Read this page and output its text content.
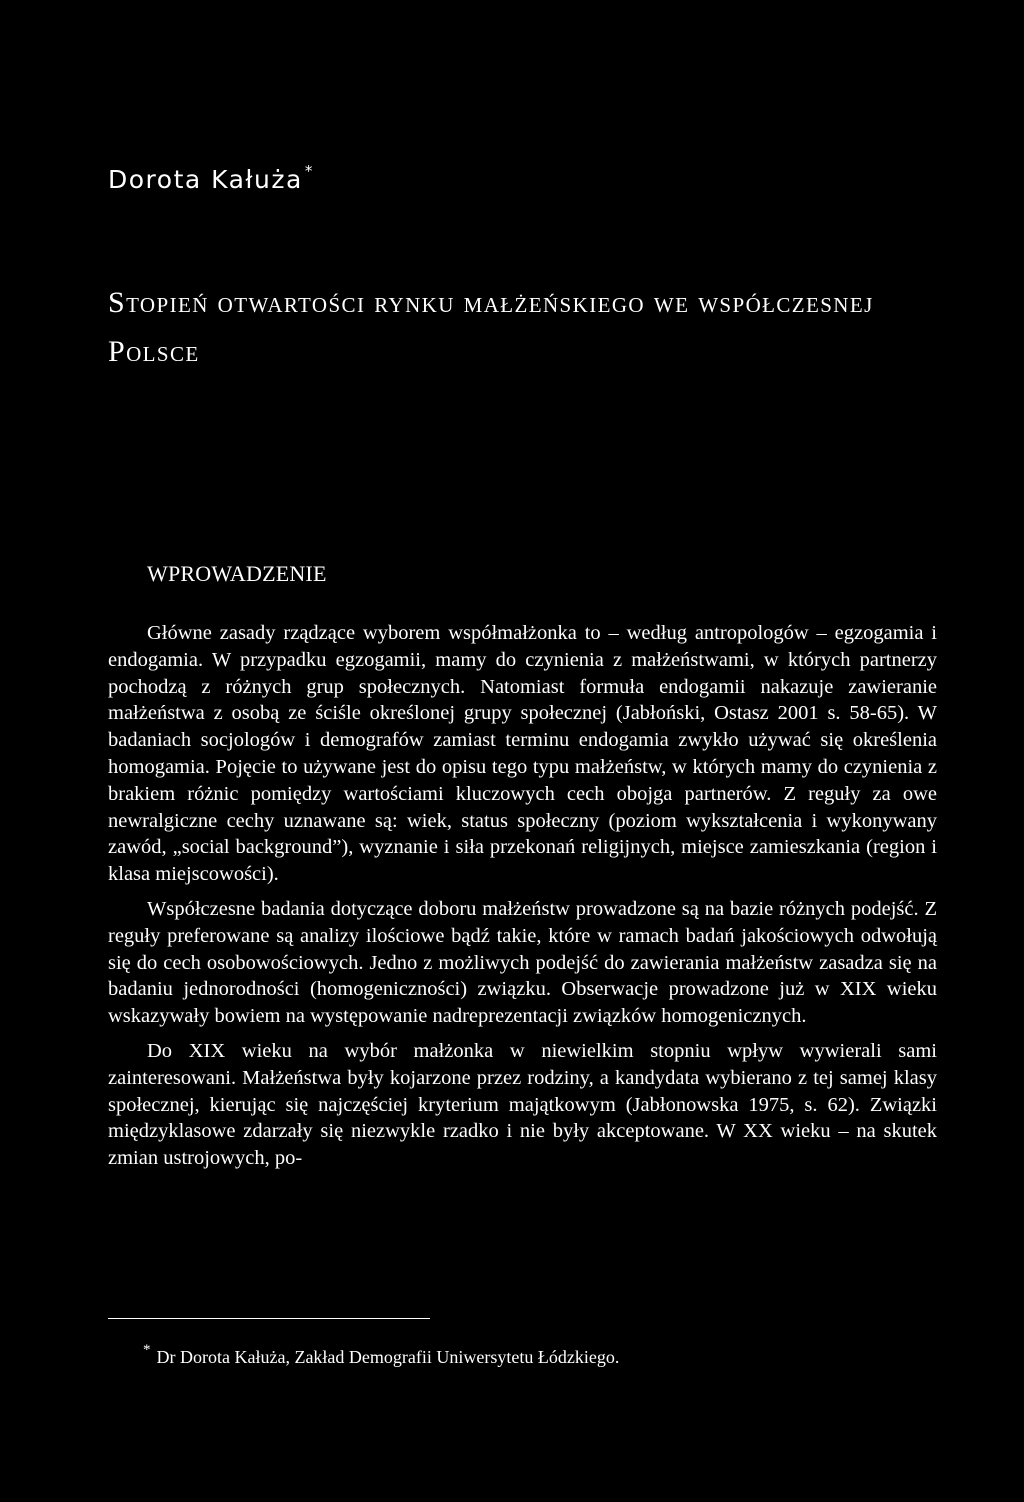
Dorota Kałuża *
Stopień otwartości rynku małżeńskiego we współczesnej Polsce
WPROWADZENIE

Główne zasady rządzące wyborem współmałżonka to – według antropologów – egzogamia i endogamia. W przypadku egzogamii, mamy do czynienia z małżeństwami, w których partnerzy pochodzą z różnych grup społecznych. Natomiast formuła endogamii nakazuje zawieranie małżeństwa z osobą ze ściśle określonej grupy społecznej (Jabłoński, Ostasz 2001 s. 58-65). W badaniach socjologów i demografów zamiast terminu endogamia zwykło używać się określenia homogamia. Pojęcie to używane jest do opisu tego typu małżeństw, w których mamy do czynienia z brakiem różnic pomiędzy wartościami kluczowych cech obojga partnerów. Z reguły za owe newralgiczne cechy uznawane są: wiek, status społeczny (poziom wykształcenia i wykonywany zawód, „social background”), wyznanie i siła przekonań religijnych, miejsce zamieszkania (region i klasa miejscowości).

Współczesne badania dotyczące doboru małżeństw prowadzone są na bazie różnych podejść. Z reguły preferowane są analizy ilościowe bądź takie, które w ramach badań jakościowych odwołują się do cech osobowościowych. Jedno z możliwych podejść do zawierania małżeństw zasadza się na badaniu jednorodności (homogeniczności) związku. Obserwacje prowadzone już w XIX wieku wskazywały bowiem na występowanie nadreprezentacji związków homogenicznych.

Do XIX wieku na wybór małżonka w niewielkim stopniu wpływ wywierali sami zainteresowani. Małżeństwa były kojarzone przez rodziny, a kandydata wybierano z tej samej klasy społecznej, kierując się najczęściej kryterium majątkowym (Jabłonowska 1975, s. 62). Związki międzyklasowe zdarzały się niezwykle rzadko i nie były akceptowane. W XX wieku – na skutek zmian ustrojowych, po-

* Dr Dorota Kałuża, Zakład Demografii Uniwersytetu Łódzkiego.
